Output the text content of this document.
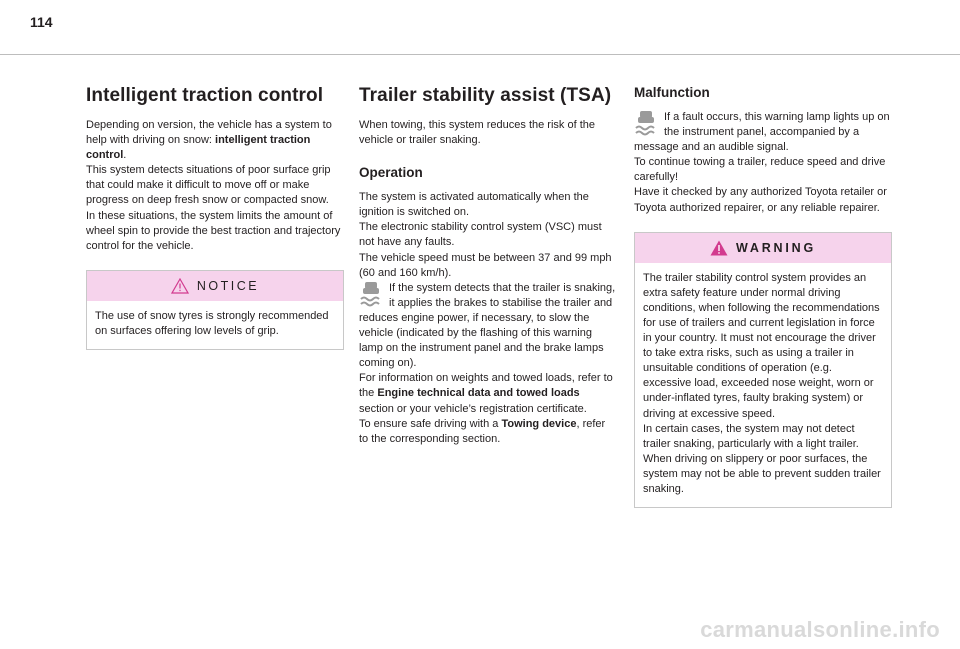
114
Intelligent traction control

Depending on version, the vehicle has a system to help with driving on snow: intelligent traction control.

This system detects situations of poor surface grip that could make it difficult to move off or make progress on deep fresh snow or compacted snow.

In these situations, the system limits the amount of wheel spin to provide the best traction and trajectory control for the vehicle.

NOTICE

The use of snow tyres is strongly recommended on surfaces offering low levels of grip.

Trailer stability assist (TSA)

When towing, this system reduces the risk of the vehicle or trailer snaking.

Operation

The system is activated automatically when the ignition is switched on.

The electronic stability control system (VSC) must not have any faults.

The vehicle speed must be between 37 and 99 mph (60 and 160 km/h).

If the system detects that the trailer is snaking, it applies the brakes to stabilise the trailer and reduces engine power, if necessary, to slow the vehicle (indicated by the flashing of this warning lamp on the instrument panel and the brake lamps coming on).

For information on weights and towed loads, refer to the Engine technical data and towed loads section or your vehicle’s registration certificate.

To ensure safe driving with a Towing device, refer to the corresponding section.

Malfunction
If a fault occurs, this warning lamp lights up on the instrument panel, accompanied by a message and an audible signal.

To continue towing a trailer, reduce speed and drive carefully!

Have it checked by any authorized Toyota retailer or Toyota authorized repairer, or any reliable repairer.

WARNING

The trailer stability control system provides an extra safety feature under normal driving conditions, when following the recommendations for use of trailers and current legislation in force in your country. It must not encourage the driver to take extra risks, such as using a trailer in unsuitable conditions of operation (e.g. excessive load, exceeded nose weight, worn or under-inflated tyres, faulty braking system) or driving at excessive speed.

In certain cases, the system may not detect trailer snaking, particularly with a light trailer. When driving on slippery or poor surfaces, the system may not be able to prevent sudden trailer snaking.

carmanualsonline.info
